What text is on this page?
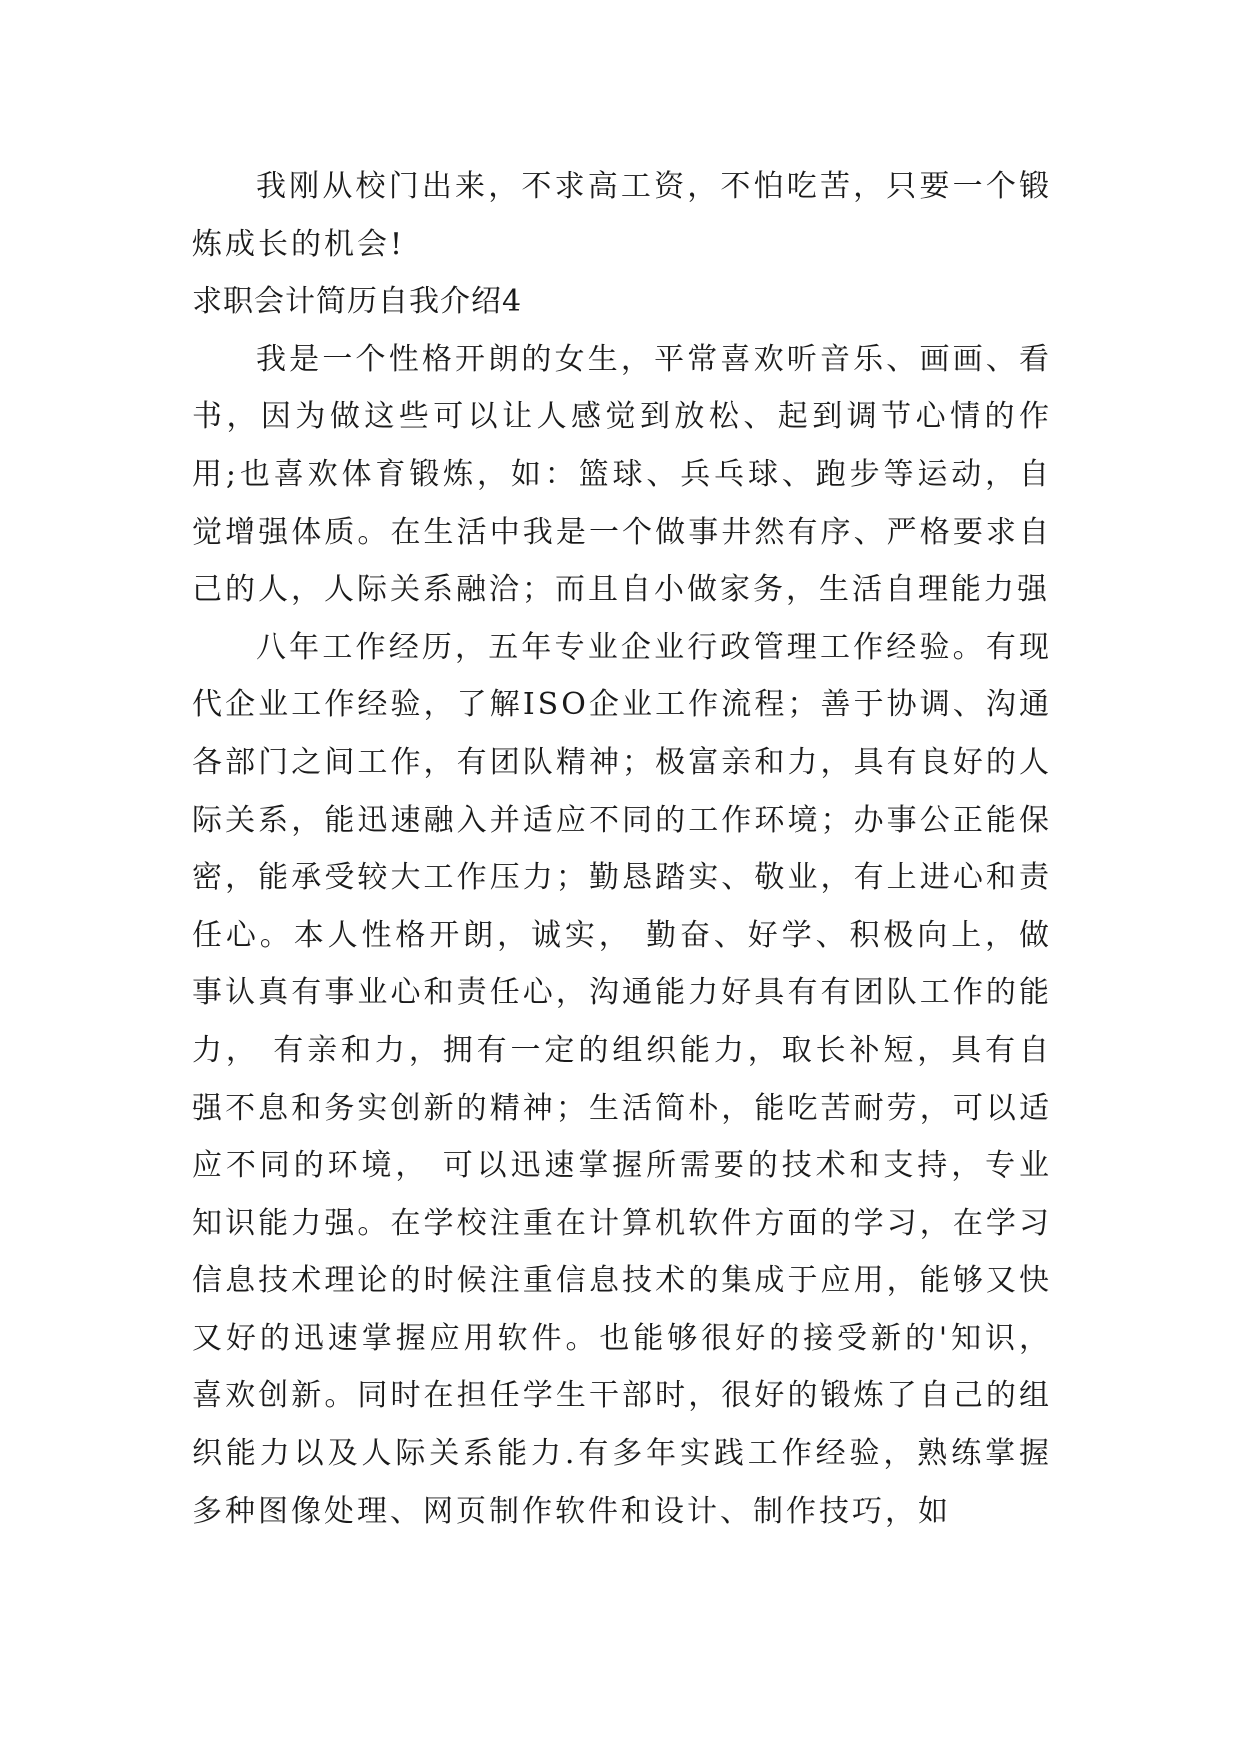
我刚从校门出来，不求高工资，不怕吃苦，只要一个锻炼成长的机会!

求职会计简历自我介绍4

我是一个性格开朗的女生，平常喜欢听音乐、画画、看书，因为做这些可以让人感觉到放松、起到调节心情的作用;也喜欢体育锻炼，如：篮球、兵乓球、跑步等运动，自觉增强体质。在生活中我是一个做事井然有序、严格要求自己的人，人际关系融洽；而且自小做家务，生活自理能力强

八年工作经历，五年专业企业行政管理工作经验。有现代企业工作经验，了解ISO企业工作流程；善于协调、沟通各部门之间工作，有团队精神；极富亲和力，具有良好的人际关系，能迅速融入并适应不同的工作环境；办事公正能保密，能承受较大工作压力；勤恳踏实、敬业，有上进心和责任心。本人性格开朗，诚实， 勤奋、好学、积极向上，做事认真有事业心和责任心，沟通能力好具有有团队工作的能力， 有亲和力，拥有一定的组织能力，取长补短，具有自强不息和务实创新的精神；生活简朴，能吃苦耐劳，可以适应不同的环境， 可以迅速掌握所需要的技术和支持，专业知识能力强。在学校注重在计算机软件方面的学习，在学习信息技术理论的时候注重信息技术的集成于应用，能够又快又好的迅速掌握应用软件。也能够很好的接受新的'知识，喜欢创新。同时在担任学生干部时，很好的锻炼了自己的组织能力以及人际关系能力.有多年实践工作经验，熟练掌握多种图像处理、网页制作软件和设计、制作技巧，如
